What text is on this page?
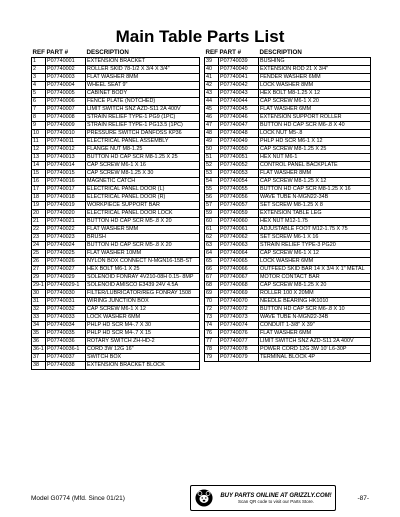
Main Table Parts List
REF	PART #	DESCRIPTION
1	P07740001	EXTENSION BRACKET
2	P07740002	ROLLER SKID 78-1/2 X 3/4 X 3/4"
3	P07740003	FLAT WASHER 8MM
4	P07740004	WHEEL SEAT 9"
5	P07740005	CABINET BODY
6	P07740006	FENCE PLATE (NOTCHED)
7	P07740007	LIMIT SWITCH SNZ AZD-S11 2A 400V
8	P07740008	STRAIN RELIEF TYPE-1 PG9 (1PC)
9	P07740009	STRAIN RELIEF TYPE-1 PG13.5 (1PC)
10	P07740010	PRESSURE SWITCH DANFOSS KP36
11	P07740011	ELECTRICAL PANEL ASSEMBLY
12	P07740012	FLANGE NUT M8-1.25
13	P07740013	BUTTON HD CAP SCR M8-1.25 X 25
14	P07740014	CAP SCREW M6-1 X 16
15	P07740015	CAP SCREW M8-1.25 X 30
16	P07740016	MAGNETIC CATCH
17	P07740017	ELECTRICAL PANEL DOOR (L)
18	P07740018	ELECTRICAL PANEL DOOR (R)
19	P07740019	WORKPIECE SUPPORT BAR
20	P07740020	ELECTRICAL PANEL DOOR LOCK
21	P07740021	BUTTON HD CAP SCR M5-.8 X 20
22	P07740022	FLAT WASHER 5MM
23	P07740023	BRUSH
24	P07740024	BUTTON HD CAP SCR M5-.8 X 20
25	P07740025	FLAT WASHER 10MM
26	P07740026	NYLON BOX CONNECT N-MGN16-15B-ST
27	P07740027	HEX BOLT M6-1 X 25
29	P07740029	SOLENOID FONRAY 4V210-08H 0.15- 8MP
29-1	P07740029-1	SOLENOID AMISCO E3439 24V 4.5A
30	P07740030	FILTER/LUBRICATOR/REG FONRAY 1508
31	P07740031	WIRING JUNCTION BOX
32	P07740032	CAP SCREW M6-1 X 12
33	P07740033	LOCK WASHER 6MM
34	P07740034	PHLP HD SCR M4-.7 X 30
35	P07740035	PHLP HD SCR M4-.7 X 15
36	P07740036	ROTARY SWITCH ZH-HD-2
36-1	P07740036-1	CORD 3W 12G 16"
37	P07740037	SWITCH BOX
38	P07740038	EXTENSION BRACKET BLOCK
REF	PART #	DESCRIPTION
39	P07740039	BUSHING
40	P07740040	EXTENSION ROD 21 X 3/4"
41	P07740041	FENDER WASHER 6MM
42	P07740042	LOCK WASHER 8MM
43	P07740043	HEX BOLT M8-1.25 X 12
44	P07740044	CAP SCREW M6-1 X 20
45	P07740045	FLAT WASHER 6MM
46	P07740046	EXTENSION SUPPORT ROLLER
47	P07740047	BUTTON HD CAP SCR M6-.8 X 40
48	P07740048	LOCK NUT M5-.8
49	P07740049	PHLP HD SCR M6-1 X 12
50	P07740050	CAP SCREW M8-1.25 X 25
51	P07740051	HEX NUT M6-1
52	P07740052	CONTROL PANEL BACKPLATE
53	P07740053	FLAT WASHER 8MM
54	P07740054	CAP SCREW M8-1.25 X 12
55	P07740055	BUTTON HD CAP SCR M8-1.25 X 16
56	P07740056	WAVE TUBE N-MGN22-34B
57	P07740057	SET SCREW M8-1.25 X 8
59	P07740059	EXTENSION TABLE LEG
60	P07740060	HEX NUT M12-1.75
61	P07740061	ADJUSTABLE FOOT M12-1.75 X 75
62	P07740062	SET SCREW M6-1 X 16
63	P07740063	STRAIN RELIEF TYPE-3 PG20
64	P07740064	CAP SCREW M6-1 X 12
65	P07740065	LOCK WASHER 6MM
66	P07740066	OUTFEED SKID BAR 14 X 3/4 X 1" METAL
67	P07740067	MOTOR CONTACT BAR
68	P07740068	CAP SCREW M8-1.25 X 20
69	P07740069	ROLLER 100 X 20MM
70	P07740070	NEEDLE BEARING HK1010
72	P07740072	BUTTON HD CAP SCR M6-.8 X 10
73	P07740073	WAVE TUBE N-MGN22-34B
74	P07740074	CONDUIT 1-3/8" X 39"
76	P07740076	FLAT WASHER 6MM
77	P07740077	LIMIT SWITCH SNZ AZD-S11 2A 400V
78	P07740078	POWER CORD 12G 3W 10' L6-30P
79	P07740079	TERMINAL BLOCK 4P
Model G0774 (Mfd. Since 01/21)	BUY PARTS ONLINE AT GRIZZLY.COM!
Scan QR code to visit our Parts Store.	-87-
